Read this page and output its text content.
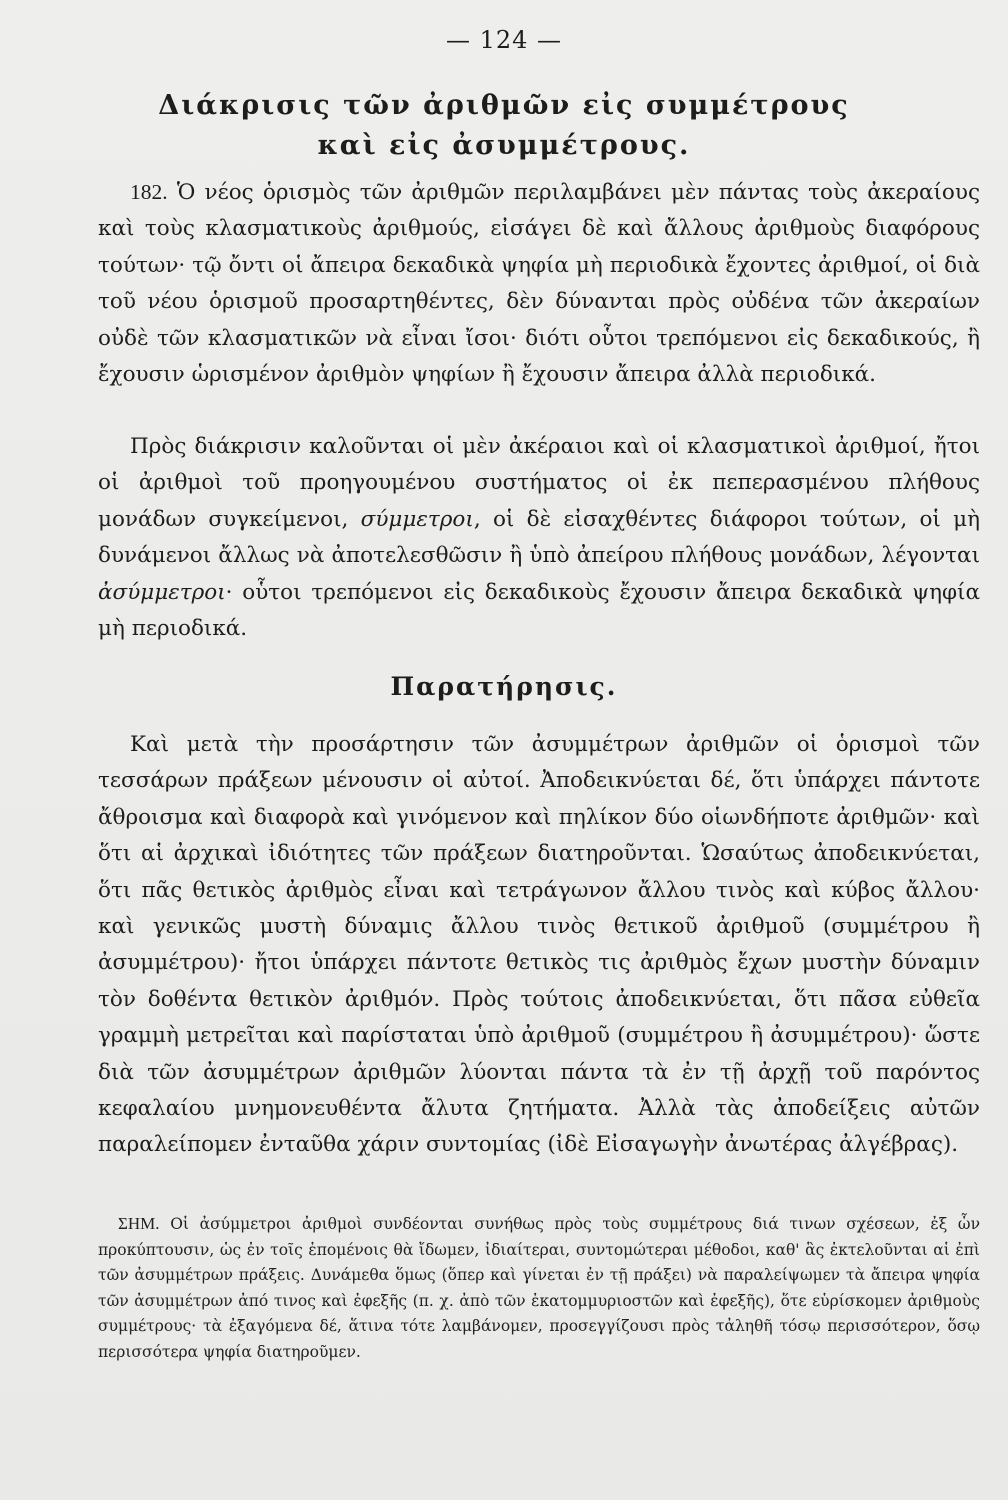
— 124 —
Διάκρισις τῶν ἀριθμῶν εἰς συμμέτρους
καὶ εἰς ἀσυμμέτρους.

182. Ὁ νέος ὁρισμὸς τῶν ἀριθμῶν περιλαμβάνει μὲν πάντας τοὺς ἀκεραίους καὶ τοὺς κλασματικοὺς ἀριθμούς, εἰσάγει δὲ καὶ ἄλλους ἀριθμοὺς διαφόρους τούτων· τῷ ὄντι οἱ ἄπειρα δεκαδικὰ ψηφία μὴ περιοδικὰ ἔχοντες ἀριθμοί, οἱ διὰ τοῦ νέου ὁρισμοῦ προσαρτηθέντες, δὲν δύνανται πρὸς οὐδένα τῶν ἀκεραίων οὐδὲ τῶν κλασματικῶν νὰ εἶναι ἴσοι· διότι οὗτοι τρεπόμενοι εἰς δεκαδικούς, ἢ ἔχουσιν ὡρισμένον ἀριθμὸν ψηφίων ἢ ἔχουσιν ἄπειρα ἀλλὰ περιοδικά.

Πρὸς διάκρισιν καλοῦνται οἱ μὲν ἀκέραιοι καὶ οἱ κλασματικοὶ ἀριθμοί, ἤτοι οἱ ἀριθμοὶ τοῦ προηγουμένου συστήματος οἱ ἐκ πεπερασμένου πλήθους μονάδων συγκείμενοι, σύμμετροι, οἱ δὲ εἰσαχθέντες διάφοροι τούτων, οἱ μὴ δυνάμενοι ἄλλως νὰ ἀποτελεσθῶσιν ἢ ὑπὸ ἀπείρου πλήθους μονάδων, λέγονται ἀσύμμετροι· οὗτοι τρεπόμενοι εἰς δεκαδικοὺς ἔχουσιν ἄπειρα δεκαδικὰ ψηφία μὴ περιοδικά.

Παρατήρησις.

Καὶ μετὰ τὴν προσάρτησιν τῶν ἀσυμμέτρων ἀριθμῶν οἱ ὁρισμοὶ τῶν τεσσάρων πράξεων μένουσιν οἱ αὐτοί. Ἀποδεικνύεται δέ, ὅτι ὑπάρχει πάντοτε ἄθροισμα καὶ διαφορὰ καὶ γινόμενον καὶ πηλίκον δύο οἱωνδήποτε ἀριθμῶν· καὶ ὅτι αἱ ἀρχικαὶ ἰδιότητες τῶν πράξεων διατηροῦνται. Ὡσαύτως ἀποδεικνύεται, ὅτι πᾶς θετικὸς ἀριθμὸς εἶναι καὶ τετράγωνον ἄλλου τινὸς καὶ κύβος ἄλλου· καὶ γενικῶς μυστὴ δύναμις ἄλλου τινὸς θετικοῦ ἀριθμοῦ (συμμέτρου ἢ ἀσυμμέτρου)· ἤτοι ὑπάρχει πάντοτε θετικὸς τις ἀριθμὸς ἔχων μυστὴν δύναμιν τὸν δοθέντα θετικὸν ἀριθμόν. Πρὸς τούτοις ἀποδεικνύεται, ὅτι πᾶσα εὐθεῖα γραμμὴ μετρεῖται καὶ παρίσταται ὑπὸ ἀριθμοῦ (συμμέτρου ἢ ἀσυμμέτρου)· ὥστε διὰ τῶν ἀσυμμέτρων ἀριθμῶν λύονται πάντα τὰ ἐν τῇ ἀρχῇ τοῦ παρόντος κεφαλαίου μνημονευθέντα ἄλυτα ζητήματα. Ἀλλὰ τὰς ἀποδείξεις αὐτῶν παραλείπομεν ἐνταῦθα χάριν συντομίας (ἰδὲ Εἰσαγωγὴν ἀνωτέρας ἀλγέβρας).

ΣΗΜ. Οἱ ἀσύμμετροι ἀριθμοὶ συνδέονται συνήθως πρὸς τοὺς συμμέτρους διά τινων σχέσεων, ἐξ ὧν προκύπτουσιν, ὡς ἐν τοῖς ἑπομένοις θὰ ἴδωμεν, ἰδιαίτεραι, συντομώτεραι μέθοδοι, καθ' ἃς ἐκτελοῦνται αἱ ἐπὶ τῶν ἀσυμμέτρων πράξεις. Δυνάμεθα ὅμως (ὅπερ καὶ γίνεται ἐν τῇ πράξει) νὰ παραλείψωμεν τὰ ἄπειρα ψηφία τῶν ἀσυμμέτρων ἀπό τινος καὶ ἐφεξῆς (π. χ. ἀπὸ τῶν ἑκατομμυριοστῶν καὶ ἐφεξῆς), ὅτε εὑρίσκομεν ἀριθμοὺς συμμέτρους· τὰ ἐξαγόμενα δέ, ἅτινα τότε λαμβάνομεν, προσεγγίζουσι πρὸς τἀληθῆ τόσῳ περισσότερον, ὅσῳ περισσότερα ψηφία διατηροῦμεν.
